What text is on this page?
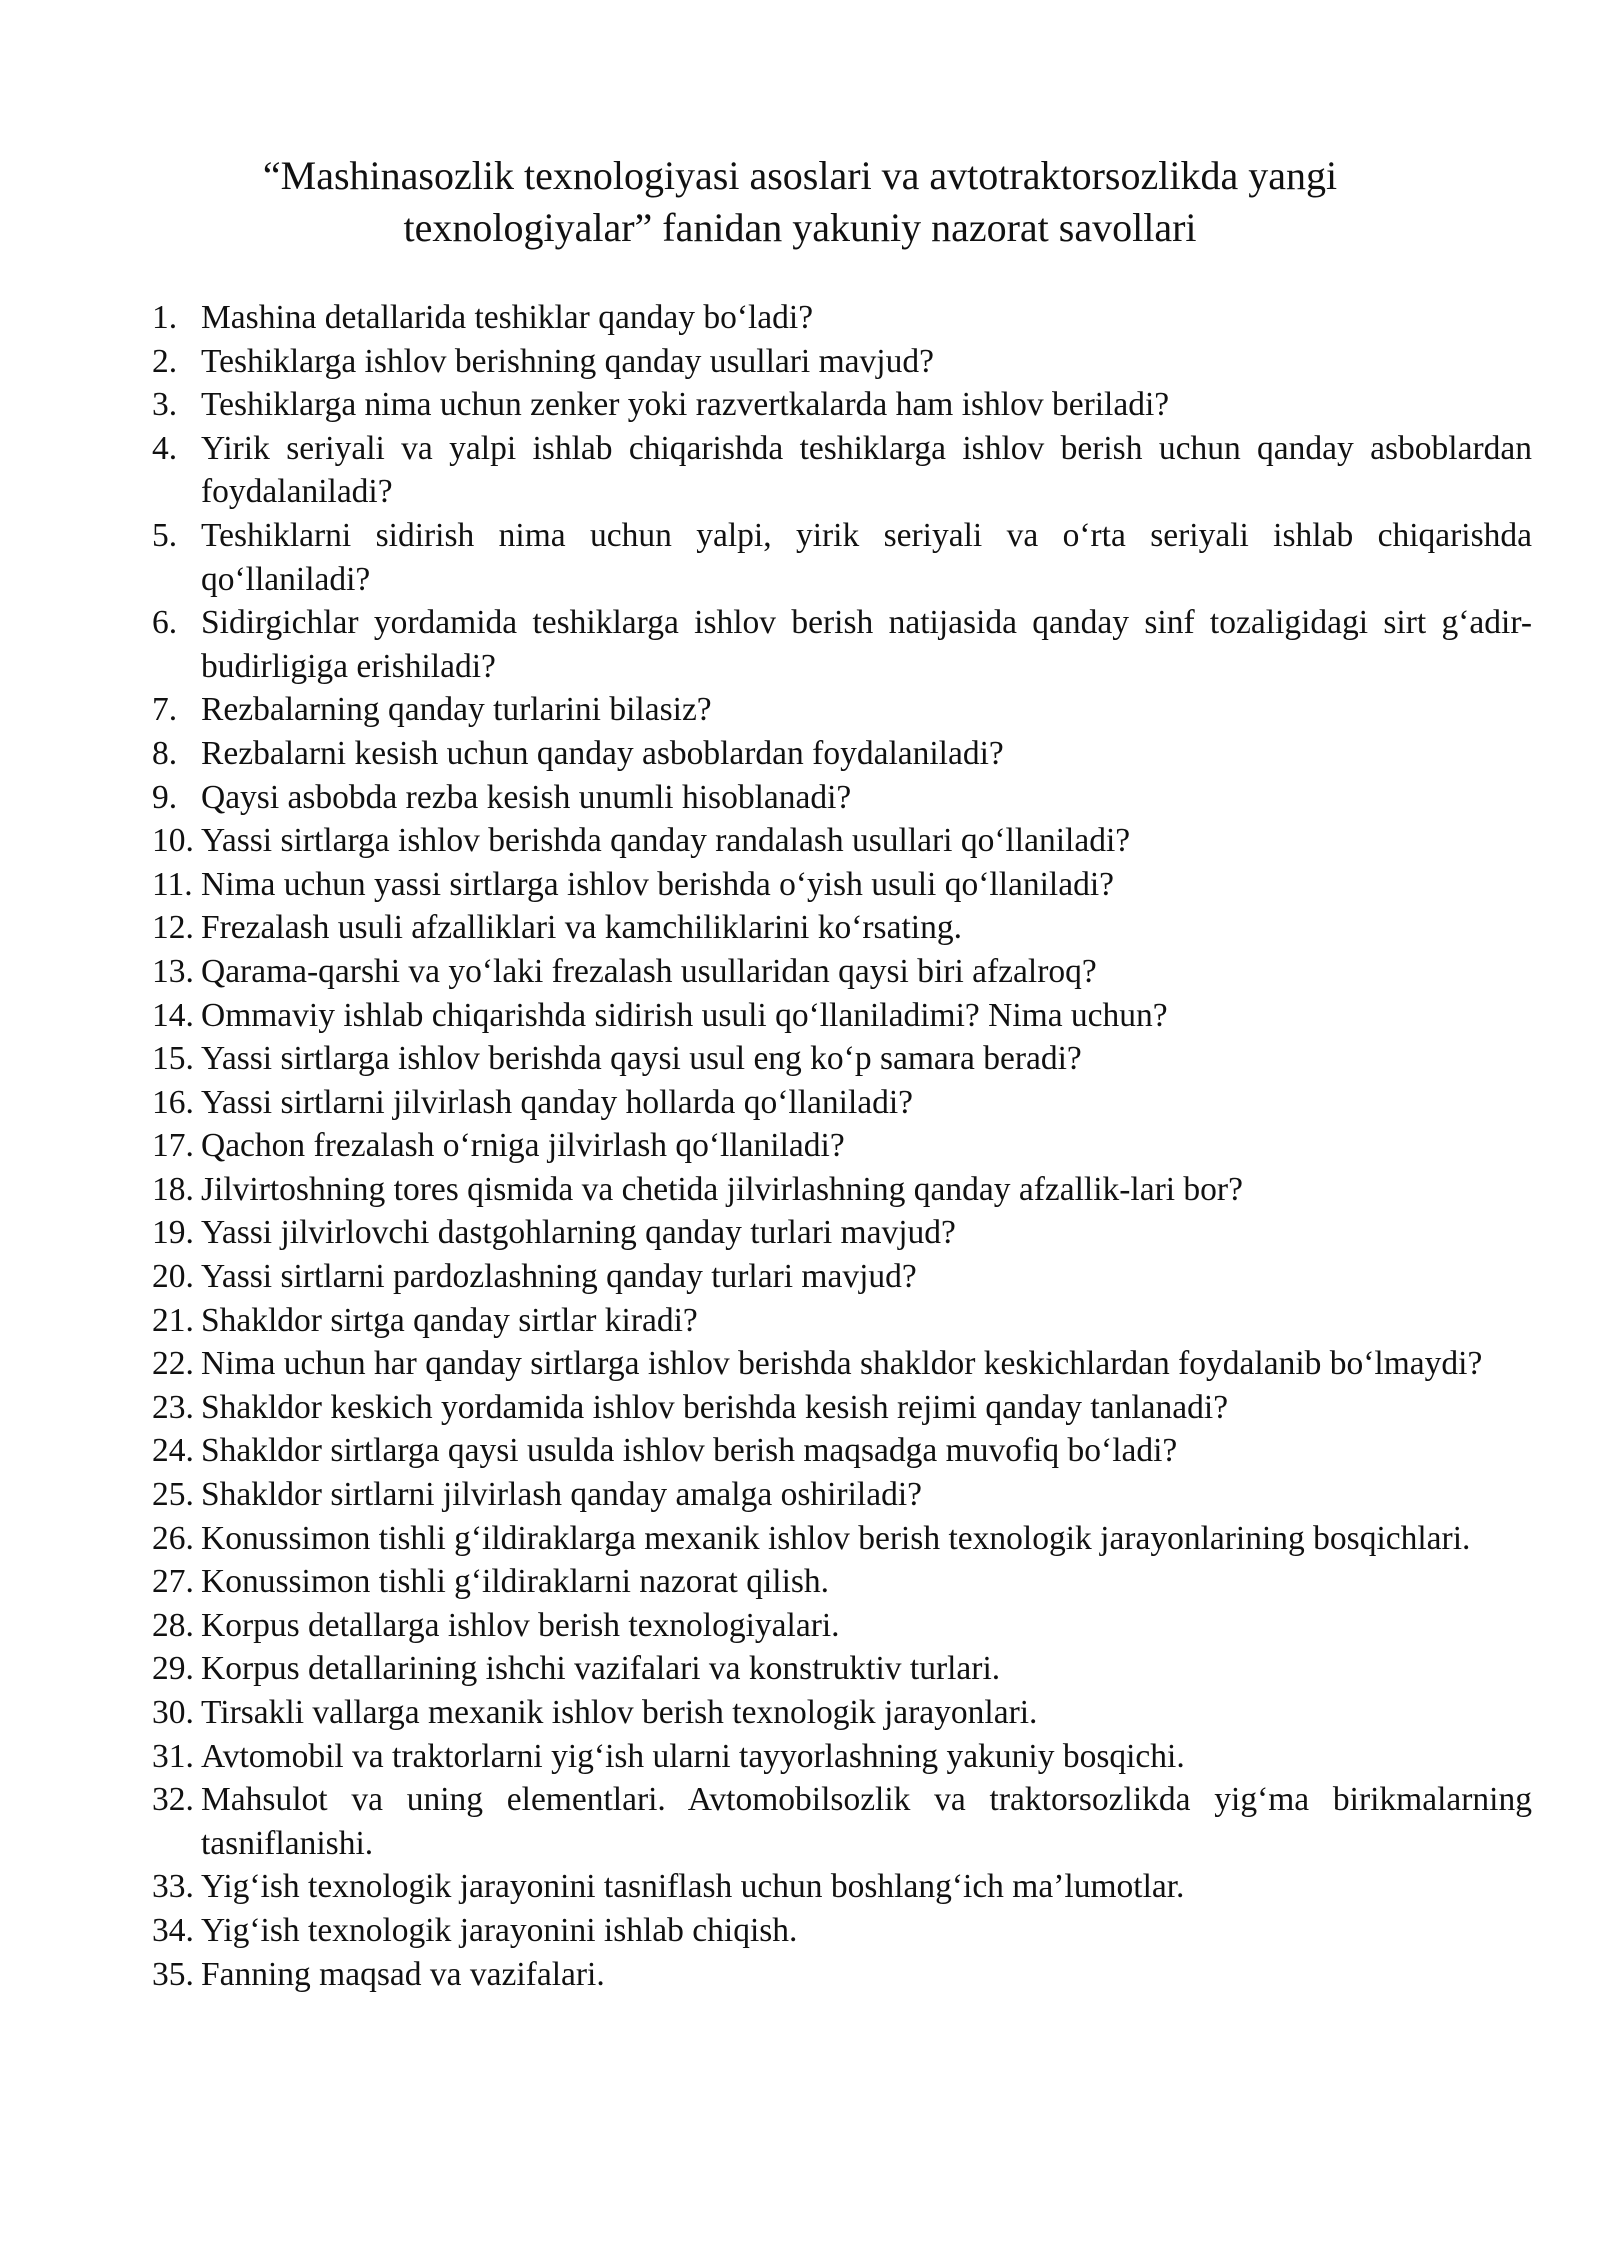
“Mashinasozlik texnologiyasi asoslari va avtotraktorsozlikda yangi
texnologiyalar” fanidan yakuniy nazorat savollari
1. Mashina detallarida teshiklar qanday bo‘ladi?
2. Teshiklarga ishlov berishning qanday usullari mavjud?
3. Teshiklarga nima uchun zenker yoki razvertkalarda ham ishlov beriladi?
4. Yirik seriyali va yalpi ishlab chiqarishda teshiklarga ishlov berish uchun qanday asboblardan foydalaniladi?
5. Teshiklarni sidirish nima uchun yalpi, yirik seriyali va o‘rta seriyali ishlab chiqarishda qo‘llaniladi?
6. Sidirgichlar yordamida teshiklarga ishlov berish natijasida qanday sinf tozaligidagi sirt g‘adir-budirligiga erishiladi?
7. Rezbalarning qanday turlarini bilasiz?
8. Rezbalarni kesish uchun qanday asboblardan foydalaniladi?
9. Qaysi asbobda rezba kesish unumli hisoblanadi?
10. Yassi sirtlarga ishlov berishda qanday randalash usullari qo‘llaniladi?
11. Nima uchun yassi sirtlarga ishlov berishda o‘yish usuli qo‘llaniladi?
12. Frezalash usuli afzalliklari va kamchiliklarini ko‘rsating.
13. Qarama-qarshi va yo‘laki frezalash usullaridan qaysi biri afzalroq?
14. Ommaviy ishlab chiqarishda sidirish usuli qo‘llaniladimi? Nima uchun?
15. Yassi sirtlarga ishlov berishda qaysi usul eng ko‘p samara beradi?
16. Yassi sirtlarni jilvirlash qanday hollarda qo‘llaniladi?
17. Qachon frezalash o‘rniga jilvirlash qo‘llaniladi?
18. Jilvirtoshning tores qismida va chetida jilvirlashning qanday afzallik-lari bor?
19. Yassi jilvirlovchi dastgohlarning qanday turlari mavjud?
20. Yassi sirtlarni pardozlashning qanday turlari mavjud?
21. Shakldor sirtga qanday sirtlar kiradi?
22. Nima uchun har qanday sirtlarga ishlov berishda shakldor keskichlardan foydalanib bo‘lmaydi?
23. Shakldor keskich yordamida ishlov berishda kesish rejimi qanday tanlanadi?
24. Shakldor sirtlarga qaysi usulda ishlov berish maqsadga muvofiq bo‘ladi?
25. Shakldor sirtlarni jilvirlash qanday amalga oshiriladi?
26. Konussimon tishli g‘ildiraklarga mexanik ishlov berish texnologik jarayonlarining bosqichlari.
27. Konussimon tishli g‘ildiraklarni nazorat qilish.
28. Korpus detallarga ishlov berish texnologiyalari.
29. Korpus detallarining ishchi vazifalari va konstruktiv turlari.
30. Tirsakli vallarga mexanik ishlov berish texnologik jarayonlari.
31. Avtomobil va traktorlarni yig‘ish ularni tayyorlashning yakuniy bosqichi.
32. Mahsulot va uning elementlari. Avtomobilsozlik va traktorsozlikda yig‘ma birikmalarning tasniflanishi.
33. Yig‘ish texnologik jarayonini tasniflash uchun boshlang‘ich ma’lumotlar.
34. Yig‘ish texnologik jarayonini ishlab chiqish.
35. Fanning maqsad va vazifalari.
